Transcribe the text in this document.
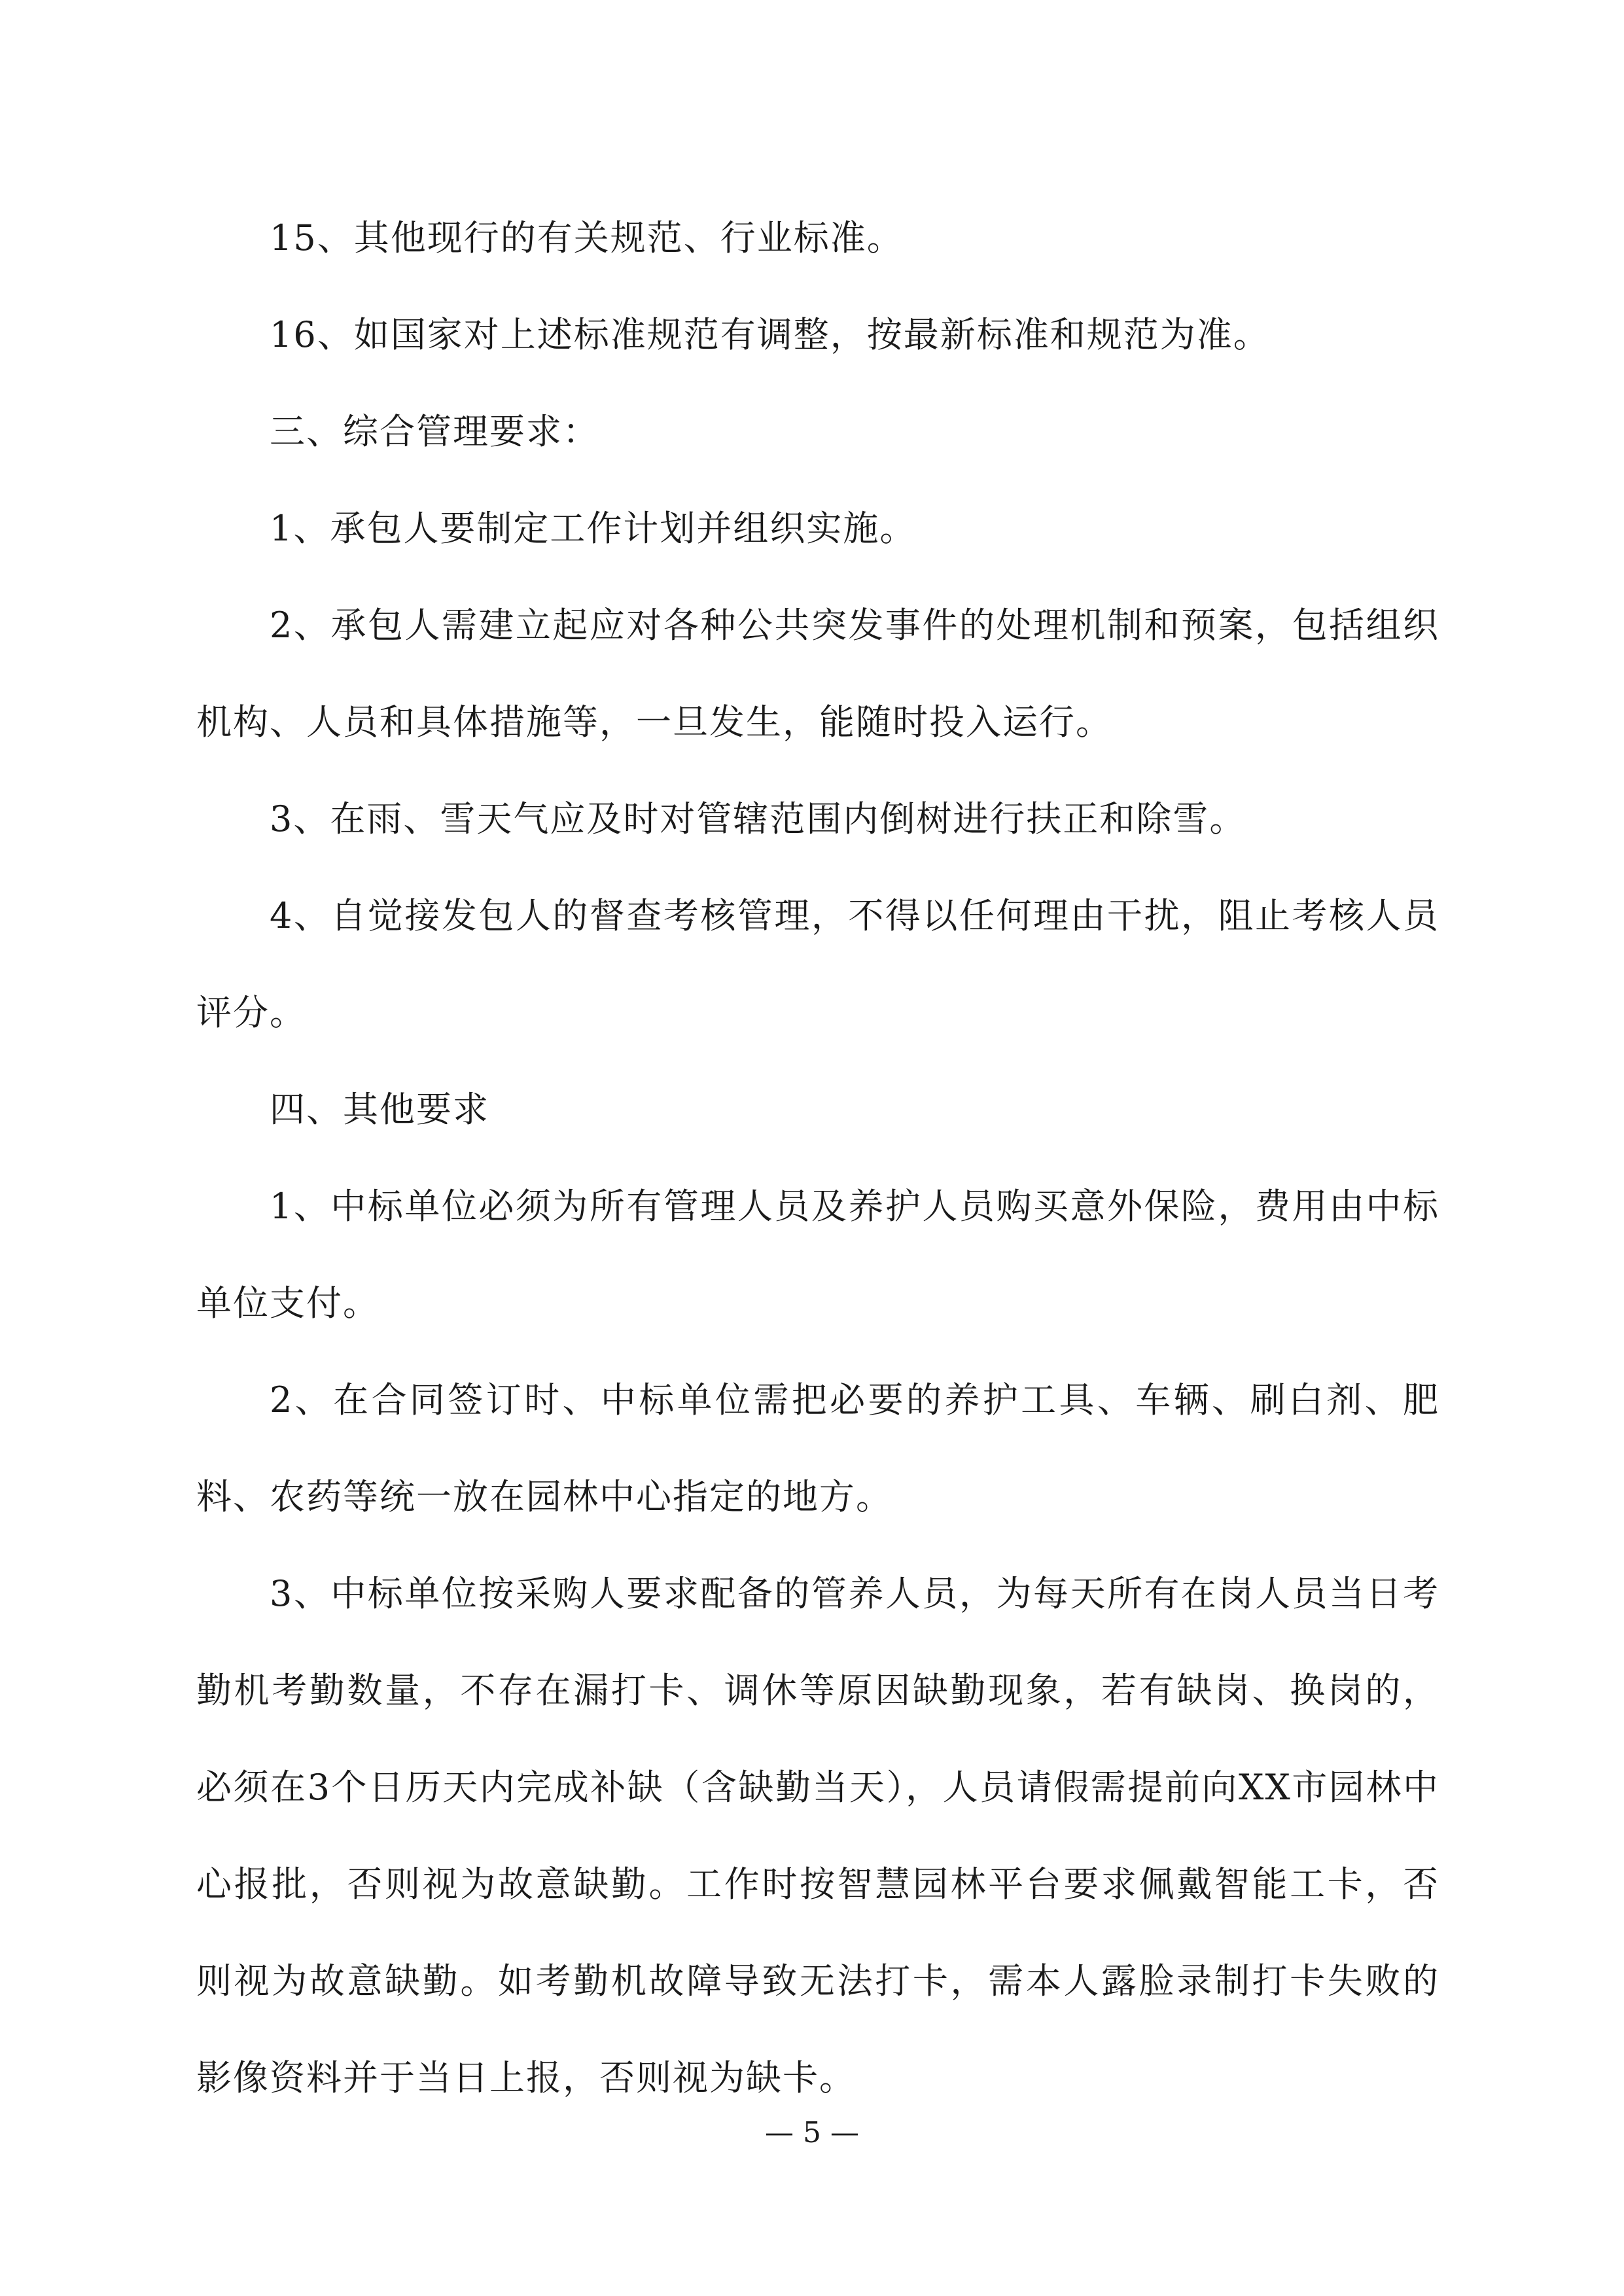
15、其他现行的有关规范、行业标准。

16、如国家对上述标准规范有调整，按最新标准和规范为准。

三、综合管理要求：

1、承包人要制定工作计划并组织实施。

2、承包人需建立起应对各种公共突发事件的处理机制和预案，包括组织机构、人员和具体措施等，一旦发生，能随时投入运行。

3、在雨、雪天气应及时对管辖范围内倒树进行扶正和除雪。

4、自觉接发包人的督查考核管理，不得以任何理由干扰，阻止考核人员评分。

四、其他要求

1、中标单位必须为所有管理人员及养护人员购买意外保险，费用由中标单位支付。

2、在合同签订时、中标单位需把必要的养护工具、车辆、刷白剂、肥料、农药等统一放在园林中心指定的地方。

3、中标单位按采购人要求配备的管养人员，为每天所有在岗人员当日考勤机考勤数量，不存在漏打卡、调休等原因缺勤现象，若有缺岗、换岗的，必须在3个日历天内完成补缺（含缺勤当天），人员请假需提前向XX市园林中心报批，否则视为故意缺勤。工作时按智慧园林平台要求佩戴智能工卡，否则视为故意缺勤。如考勤机故障导致无法打卡，需本人露脸录制打卡失败的影像资料并于当日上报，否则视为缺卡。

— 5 —
